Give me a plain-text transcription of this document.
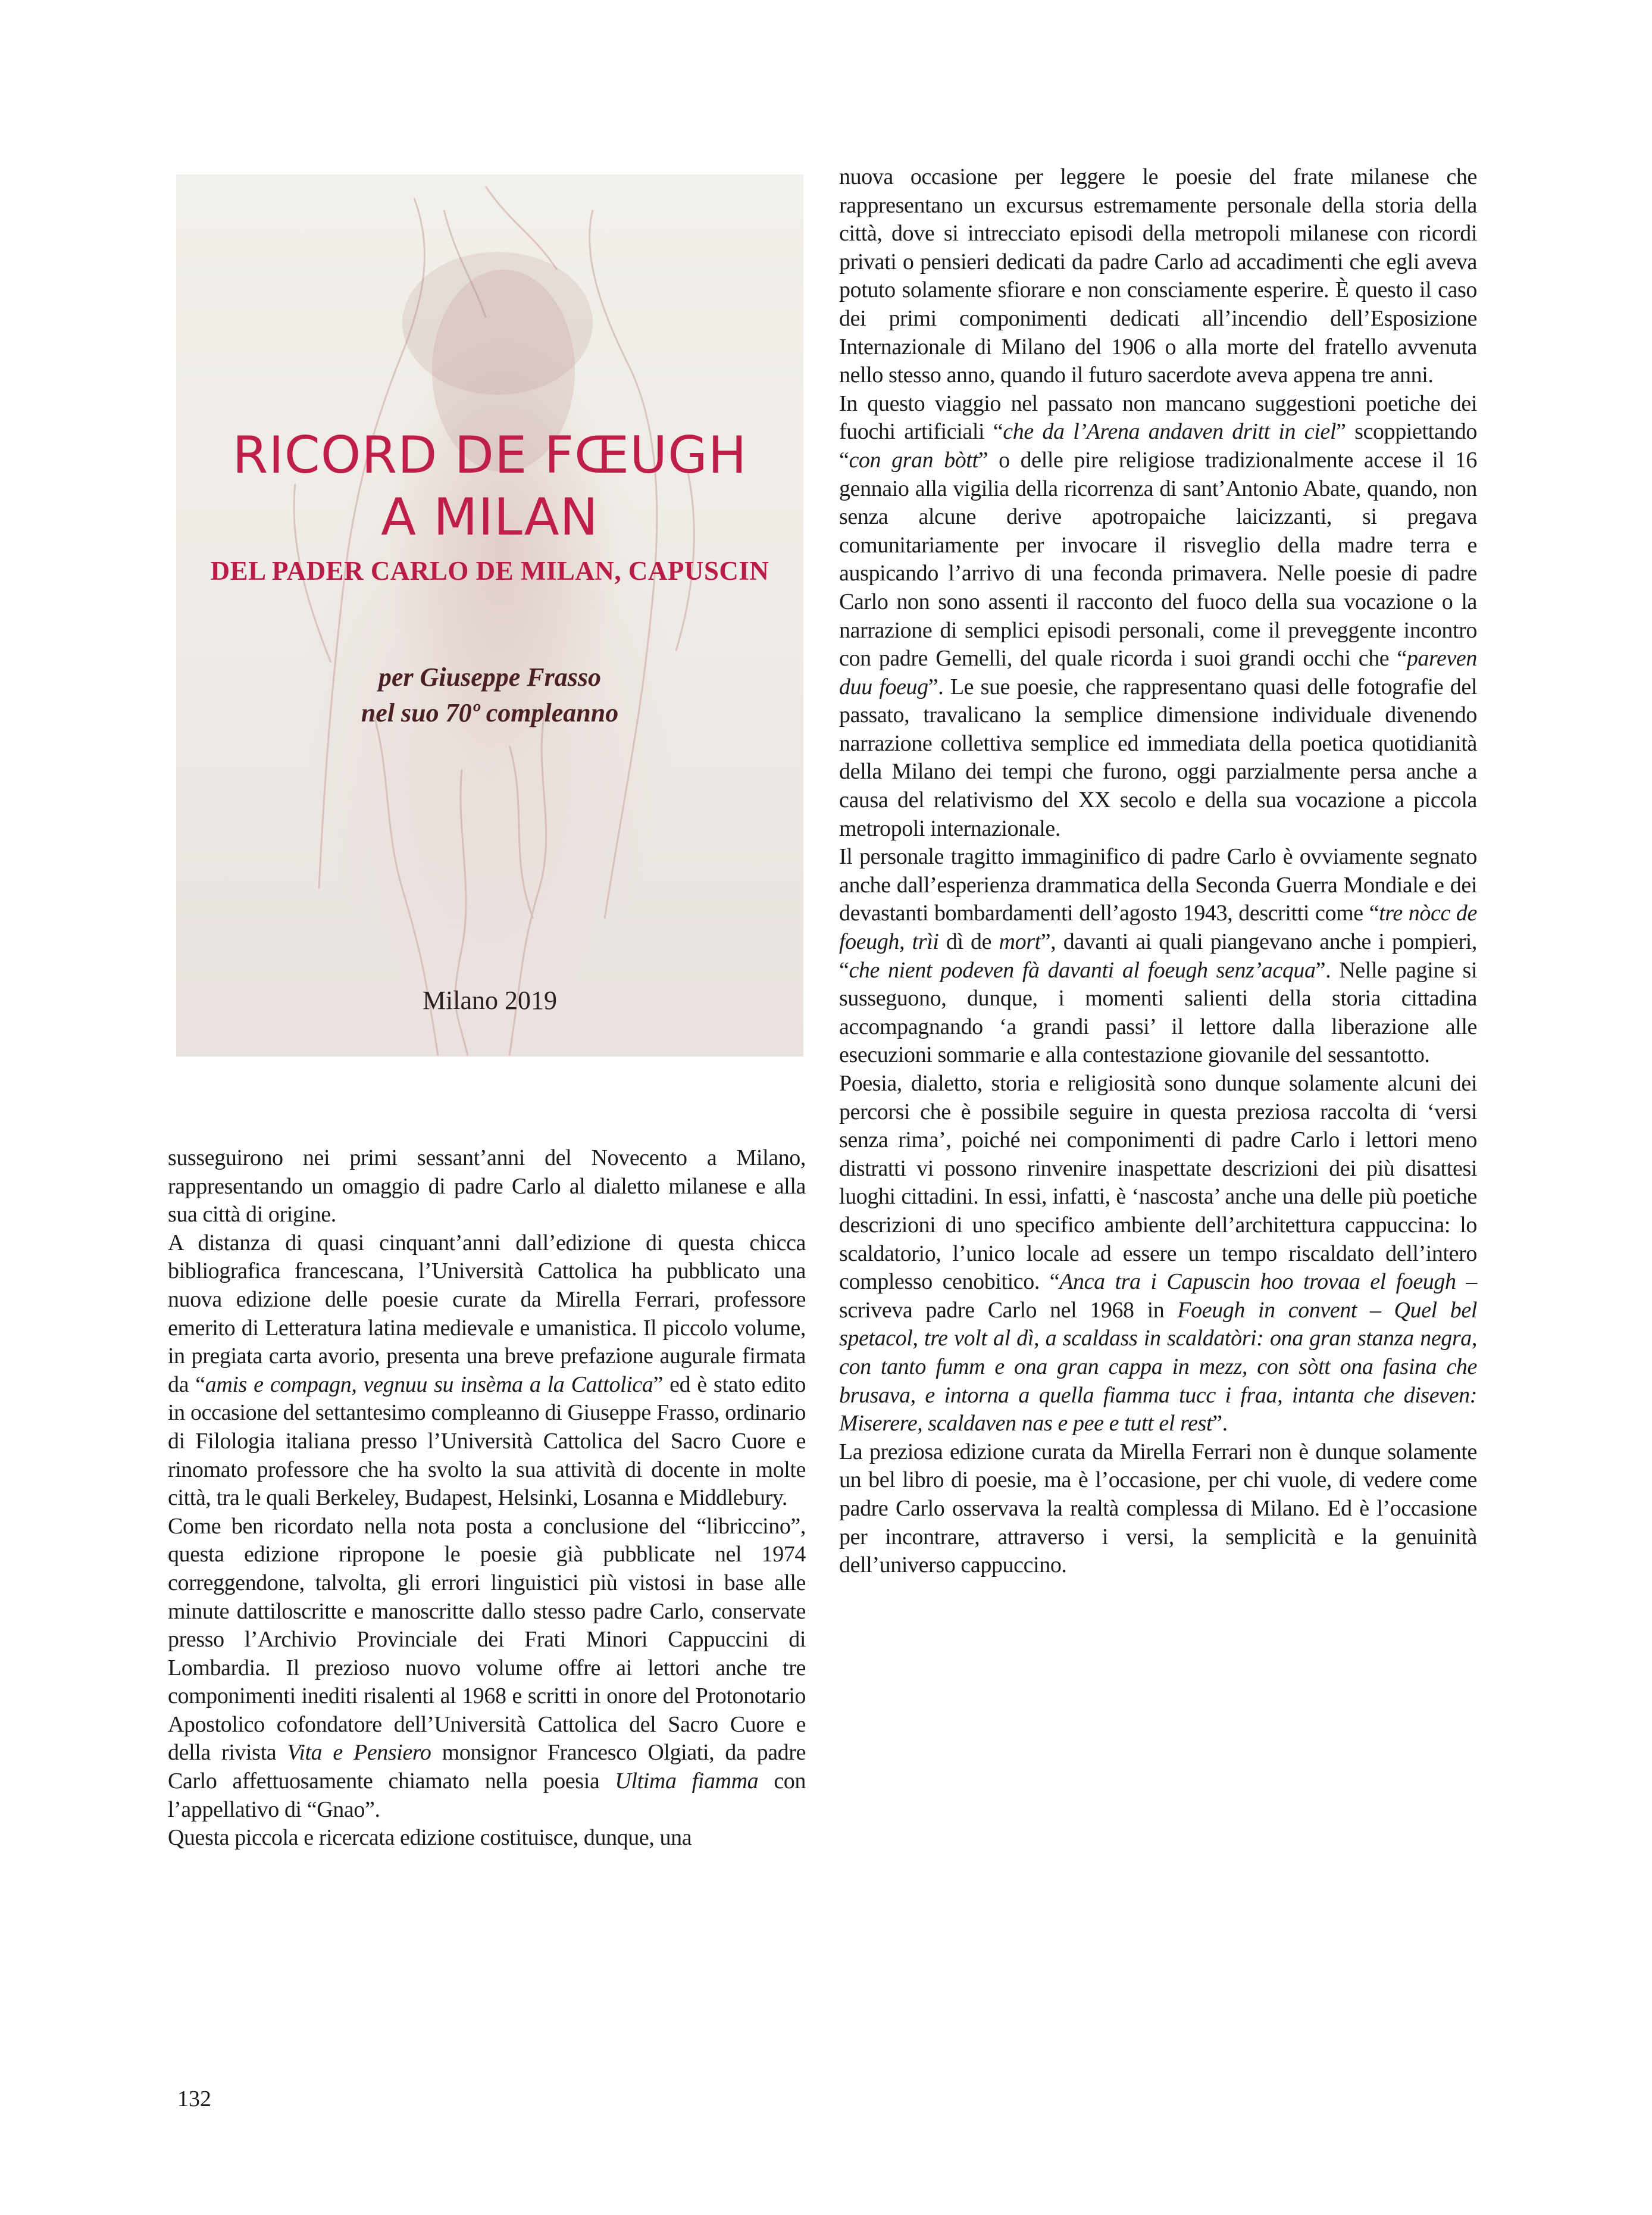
RICORD DE FŒUGH
A MILAN
DEL PADER CARLO DE MILAN, CAPUSCIN
per Giuseppe Frasso
nel suo 70º compleanno
Milano 2019

susseguirono nei primi sessant’anni del Novecento a Milano, rappresentando un omaggio di padre Carlo al dialetto milanese e alla sua città di origine.

A distanza di quasi cinquant’anni dall’edizione di questa chicca bibliografica francescana, l’Università Cattolica ha pubblicato una nuova edizione delle poesie curate da Mirella Ferrari, professore emerito di Letteratura latina medievale e umanistica. Il piccolo volume, in pregiata carta avorio, presenta una breve prefazione augurale firmata da “amis e compagn, vegnuu su insèma a la Cattolica” ed è stato edito in occasione del settantesimo compleanno di Giuseppe Frasso, ordinario di Filologia italiana presso l’Università Cattolica del Sacro Cuore e rinomato professore che ha svolto la sua attività di docente in molte città, tra le quali Berkeley, Budapest, Helsinki, Losanna e Middlebury.

Come ben ricordato nella nota posta a conclusione del “libriccino”, questa edizione ripropone le poesie già pubblicate nel 1974 correggendone, talvolta, gli errori linguistici più vistosi in base alle minute dattiloscritte e manoscritte dallo stesso padre Carlo, conservate presso l’Archivio Provinciale dei Frati Minori Cappuccini di Lombardia. Il prezioso nuovo volume offre ai lettori anche tre componimenti inediti risalenti al 1968 e scritti in onore del Protonotario Apostolico cofondatore dell’Università Cattolica del Sacro Cuore e della rivista Vita e Pensiero monsignor Francesco Olgiati, da padre Carlo affettuosamente chiamato nella poesia Ultima fiamma con l’appellativo di “Gnao”.

Questa piccola e ricercata edizione costituisce, dunque, una

nuova occasione per leggere le poesie del frate milanese che rappresentano un excursus estremamente personale della storia della città, dove si intrecciato episodi della metropoli milanese con ricordi privati o pensieri dedicati da padre Carlo ad accadimenti che egli aveva potuto solamente sfiorare e non consciamente esperire. È questo il caso dei primi componimenti dedicati all’incendio dell’Esposizione Internazionale di Milano del 1906 o alla morte del fratello avvenuta nello stesso anno, quando il futuro sacerdote aveva appena tre anni.

In questo viaggio nel passato non mancano suggestioni poetiche dei fuochi artificiali “che da l’Arena andaven dritt in ciel” scoppiettando “con gran bòtt” o delle pire religiose tradizionalmente accese il 16 gennaio alla vigilia della ricorrenza di sant’Antonio Abate, quando, non senza alcune derive apotropaiche laicizzanti, si pregava comunitariamente per invocare il risveglio della madre terra e auspicando l’arrivo di una feconda primavera. Nelle poesie di padre Carlo non sono assenti il racconto del fuoco della sua vocazione o la narrazione di semplici episodi personali, come il preveggente incontro con padre Gemelli, del quale ricorda i suoi grandi occhi che “pareven duu foeug”. Le sue poesie, che rappresentano quasi delle fotografie del passato, travalicano la semplice dimensione individuale divenendo narrazione collettiva semplice ed immediata della poetica quotidianità della Milano dei tempi che furono, oggi parzialmente persa anche a causa del relativismo del XX secolo e della sua vocazione a piccola metropoli internazionale.

Il personale tragitto immaginifico di padre Carlo è ovviamente segnato anche dall’esperienza drammatica della Seconda Guerra Mondiale e dei devastanti bombardamenti dell’agosto 1943, descritti come “tre nòcc de foeugh, trìi dì de mort”, davanti ai quali piangevano anche i pompieri, “che nient podeven fà davanti al foeugh senz’acqua”. Nelle pagine si susseguono, dunque, i momenti salienti della storia cittadina accompagnando ‘a grandi passi’ il lettore dalla liberazione alle esecuzioni sommarie e alla contestazione giovanile del sessantotto.

Poesia, dialetto, storia e religiosità sono dunque solamente alcuni dei percorsi che è possibile seguire in questa preziosa raccolta di ‘versi senza rima’, poiché nei componimenti di padre Carlo i lettori meno distratti vi possono rinvenire inaspettate descrizioni dei più disattesi luoghi cittadini. In essi, infatti, è ‘nascosta’ anche una delle più poetiche descrizioni di uno specifico ambiente dell’architettura cappuccina: lo scaldatorio, l’unico locale ad essere un tempo riscaldato dell’intero complesso cenobitico. “Anca tra i Capuscin hoo trovaa el foeugh – scriveva padre Carlo nel 1968 in Foeugh in convent – Quel bel spetacol, tre volt al dì, a scaldass in scaldatòri: ona gran stanza negra, con tanto fumm e ona gran cappa in mezz, con sòtt ona fasina che brusava, e intorna a quella fiamma tucc i fraa, intanta che diseven: Miserere, scaldaven nas e pee e tutt el rest”.

La preziosa edizione curata da Mirella Ferrari non è dunque solamente un bel libro di poesie, ma è l’occasione, per chi vuole, di vedere come padre Carlo osservava la realtà complessa di Milano. Ed è l’occasione per incontrare, attraverso i versi, la semplicità e la genuinità dell’universo cappuccino.

132
